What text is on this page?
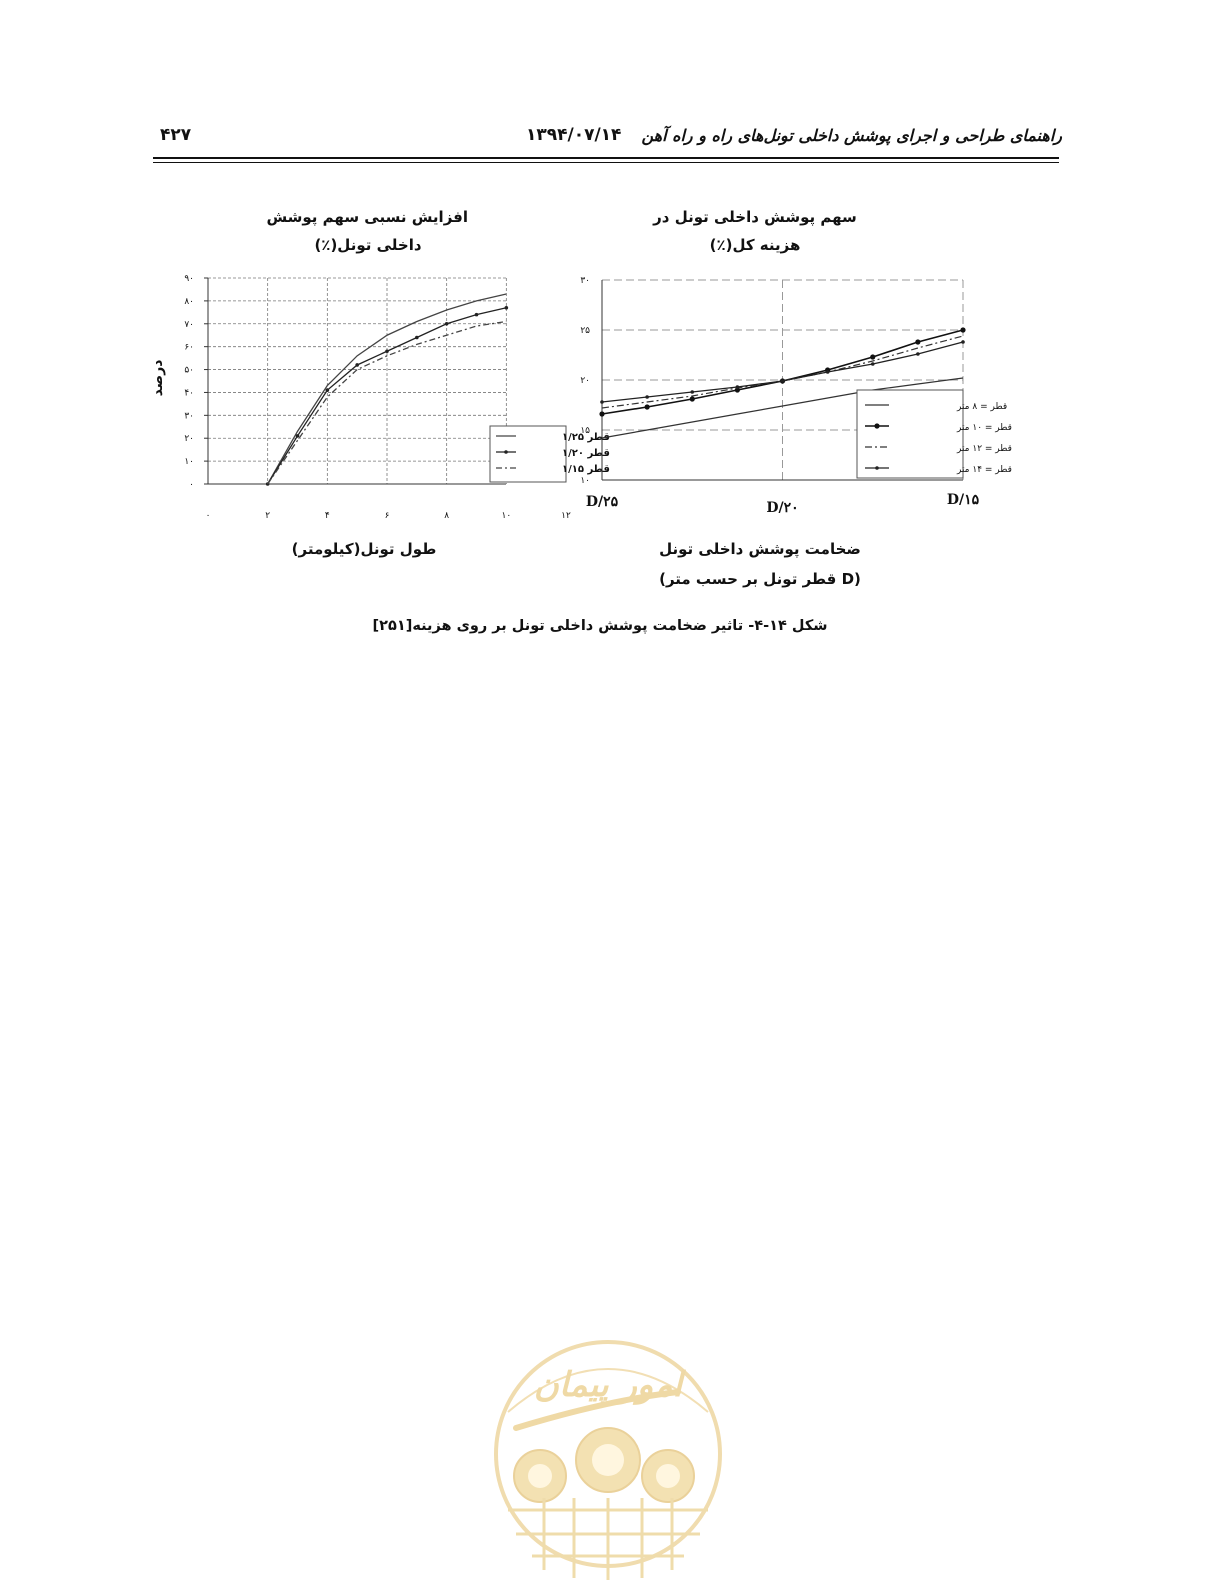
۴۲۷	۱۳۹۴/۰۷/۱۴ راهنمای طراحی و اجرای پوشش داخلی تونل‌های راه و راه آهن
افزایش نسبی سهم پوشش
داخلی تونل(٪)
سهم پوشش داخلی تونل در
هزینه کل(٪)
درصد
۰
۱۰
۲۰
۳۰
۴۰
۵۰
۶۰
۷۰
۸۰
۹۰
۰	۲	۴	۶	۸	۱۰	۱۲
قطر ۱/۲۵
قطر ۱/۲۰
قطر ۱/۱۵
طول تونل(کیلومتر)
۱۰
۱۵
۲۰
۲۵
۳۰
D/۲۵	D/۲۰	D/۱۵
قطر = ۸ متر
قطر = ۱۰ متر
قطر = ۱۲ متر
قطر = ۱۴ متر
ضخامت پوشش داخلی تونل
(D قطر تونل بر حسب متر)
شکل ۱۴-۴- تاثیر ضخامت پوشش داخلی تونل بر روی هزینه[۲۵۱]
امور پیمان
